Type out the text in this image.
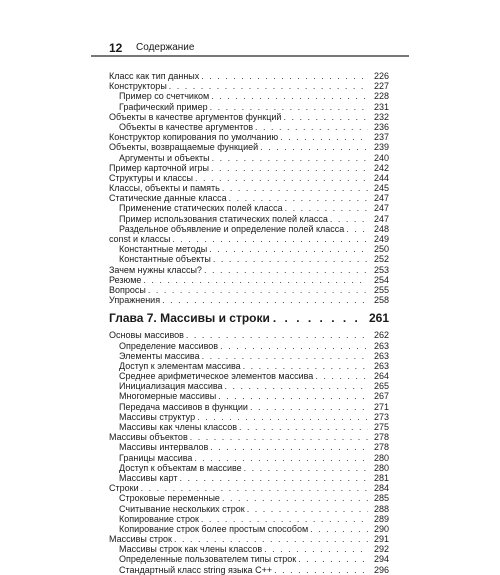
12 Содержание
Класс как тип данных . . .	226
Конструкторы . . .	227
Пример со счетчиком . . .	228
Графический пример . . .	231
Объекты в качестве аргументов функций . . .	232
Объекты в качестве аргументов . . .	236
Конструктор копирования по умолчанию . . .	237
Объекты, возвращаемые функцией . . .	239
Аргументы и объекты . . .	240
Пример карточной игры . . .	242
Структуры и классы . . .	244
Классы, объекты и память . . .	245
Статические данные класса . . .	247
Применение статических полей класса . . .	247
Пример использования статических полей класса . . .	247
Раздельное объявление и определение полей класса . . .	248
const и классы . . .	249
Константные методы . . .	250
Константные объекты . . .	252
Зачем нужны классы? . . .	253
Резюме . . .	254
Вопросы . . .	255
Упражнения . . .	258
Глава 7. Массивы и строки . . .	261
Основы массивов . . .	262
Определение массивов . . .	263
Элементы массива . . .	263
Доступ к элементам массива . . .	263
Среднее арифметическое элементов массива . . .	264
Инициализация массива . . .	265
Многомерные массивы . . .	267
Передача массивов в функции . . .	271
Массивы структур . . .	273
Массивы как члены классов . . .	275
Массивы объектов . . .	278
Массивы интервалов . . .	278
Границы массива . . .	280
Доступ к объектам в массиве . . .	280
Массивы карт . . .	281
Строки . . .	284
Строковые переменные . . .	285
Считывание нескольких строк . . .	288
Копирование строк . . .	289
Копирование строк более простым способом . . .	290
Массивы строк . . .	291
Массивы строк как члены классов . . .	292
Определенные пользователем типы строк . . .	294
Стандартный класс string языка С++ . . .	296
